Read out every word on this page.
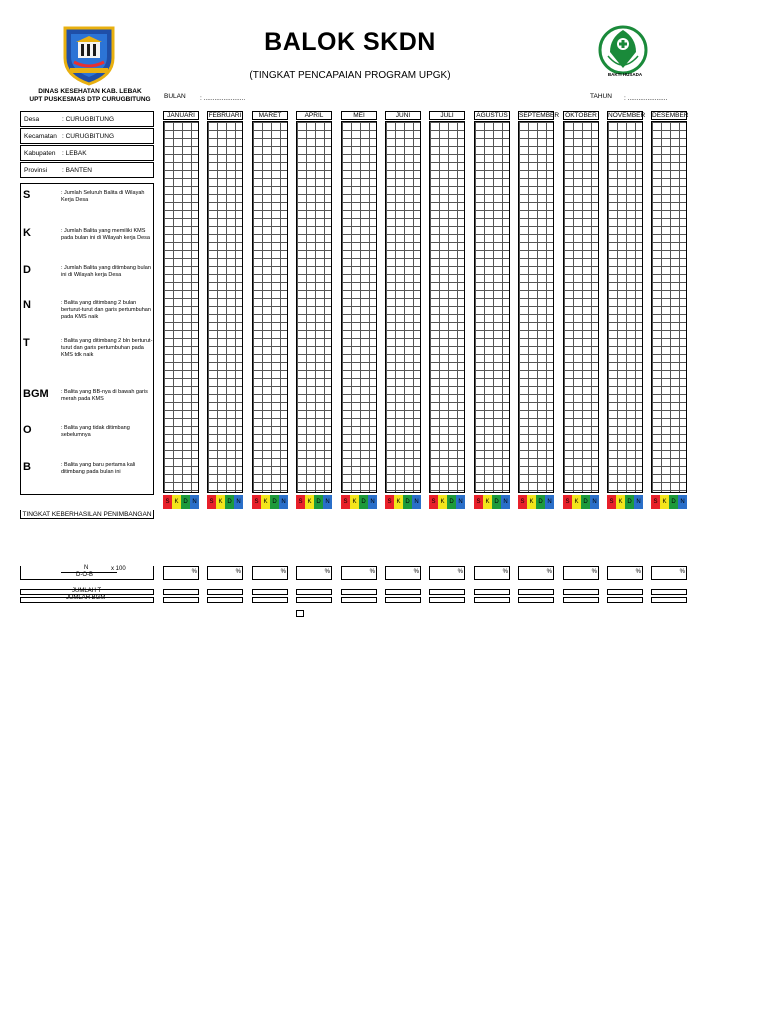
BAKTI HUSADA
BALOK SKDN
(TINGKAT PENCAPAIAN PROGRAM UPGK)
DINAS KESEHATAN KAB. LEBAK
UPT PUSKESMAS DTP CURUGBITUNG	BULAN : .......................	TAHUN : ......................
Desa	: CURUGBITUNG
Kecamatan : CURUGBITUNG
Kabupaten	: LEBAK
Provinsi	: BANTEN
S	: Jumlah Seluruh Balita di Wilayah Kerja Desa
K	: Jumlah Balita yang memiliki KMS pada bulan ini di Wilayah kerja Desa
D	: Jumlah Balita yang ditimbang bulan ini di Wilayah kerja Desa
N	: Balita yang ditimbang 2 bulan berturut-turut dan garis pertumbuhan pada KMS naik
T	: Balita yang ditimbang 2 bln berturut-turut dan garis pertumbuhan pada KMS tdk naik
BGM : Balita yang BB-nya di bawah garis merah pada KMS
O	: Balita yang tidak ditimbang sebelumnya
B	: Balita yang baru pertama kali ditimbang pada bulan ini
JANUARI
S K D N
%
FEBRUARI
S K D N
%
MARET
S K D N
%
APRIL
S K D N
%
MEI
S K D N
%
JUNI
S K D N
%
JULI
S K D N
%
AGUSTUS
S K D N
%
SEPTEMBER
S K D N
%
OKTOBER
S K D N
%
NOVEMBER
S K D N
%
DESEMBER
S K D N
%
TINGKAT KEBERHASILAN PENIMBANGAN
N	x 100
D-O-B
JUMLAH T
JUMLAH BGM
